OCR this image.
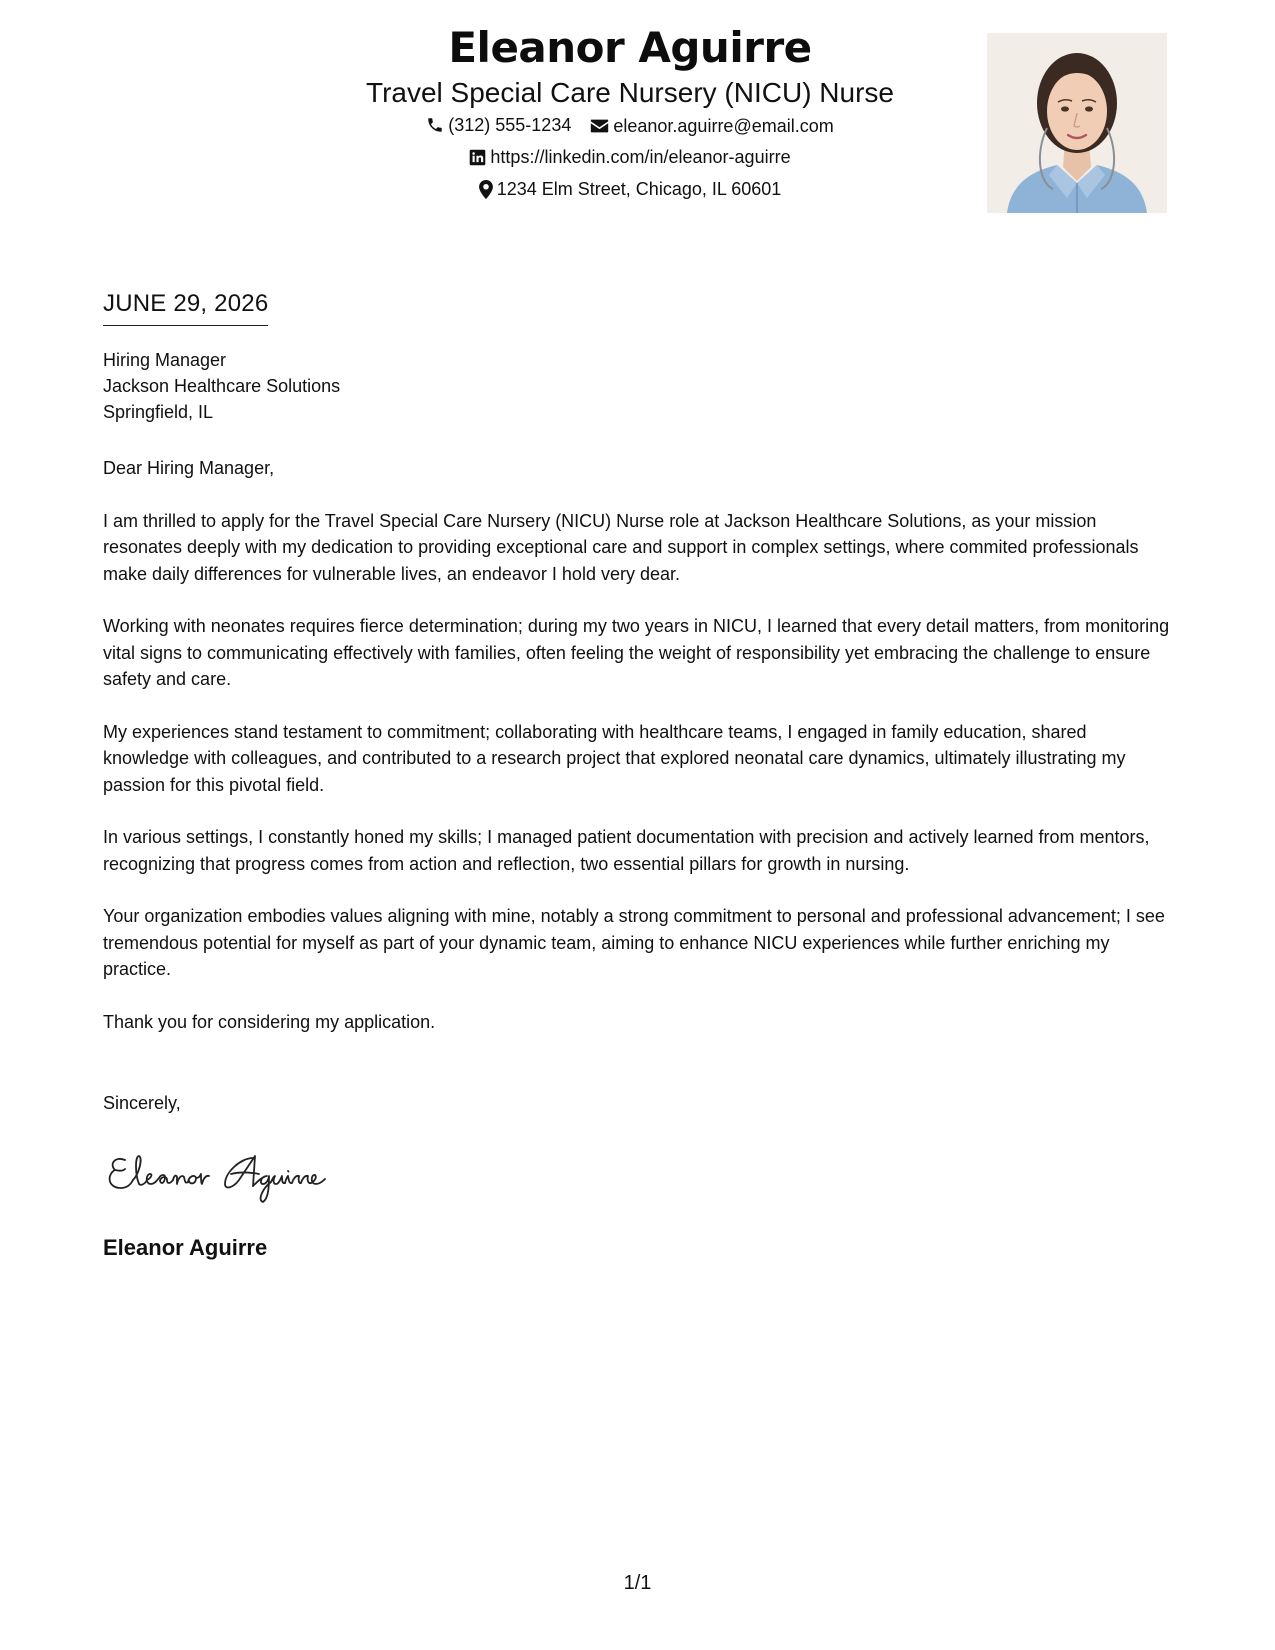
Eleanor Aguirre
Travel Special Care Nursery (NICU) Nurse
(312) 555-1234
eleanor.aguirre@email.com
https://linkedin.com/in/eleanor-aguirre
1234 Elm Street, Chicago, IL 60601
JUNE 29, 2026
Hiring Manager
Jackson Healthcare Solutions
Springfield, IL

Dear Hiring Manager,

I am thrilled to apply for the Travel Special Care Nursery (NICU) Nurse role at Jackson Healthcare Solutions, as your mission resonates deeply with my dedication to providing exceptional care and support in complex settings, where commited professionals make daily differences for vulnerable lives, an endeavor I hold very dear.

Working with neonates requires fierce determination; during my two years in NICU, I learned that every detail matters, from monitoring vital signs to communicating effectively with families, often feeling the weight of responsibility yet embracing the challenge to ensure safety and care.

My experiences stand testament to commitment; collaborating with healthcare teams, I engaged in family education, shared knowledge with colleagues, and contributed to a research project that explored neonatal care dynamics, ultimately illustrating my passion for this pivotal field.

In various settings, I constantly honed my skills; I managed patient documentation with precision and actively learned from mentors, recognizing that progress comes from action and reflection, two essential pillars for growth in nursing.

Your organization embodies values aligning with mine, notably a strong commitment to personal and professional advancement; I see tremendous potential for myself as part of your dynamic team, aiming to enhance NICU experiences while further enriching my practice.

Thank you for considering my application.

Sincerely,
Eleanor Aguirre
1/1
